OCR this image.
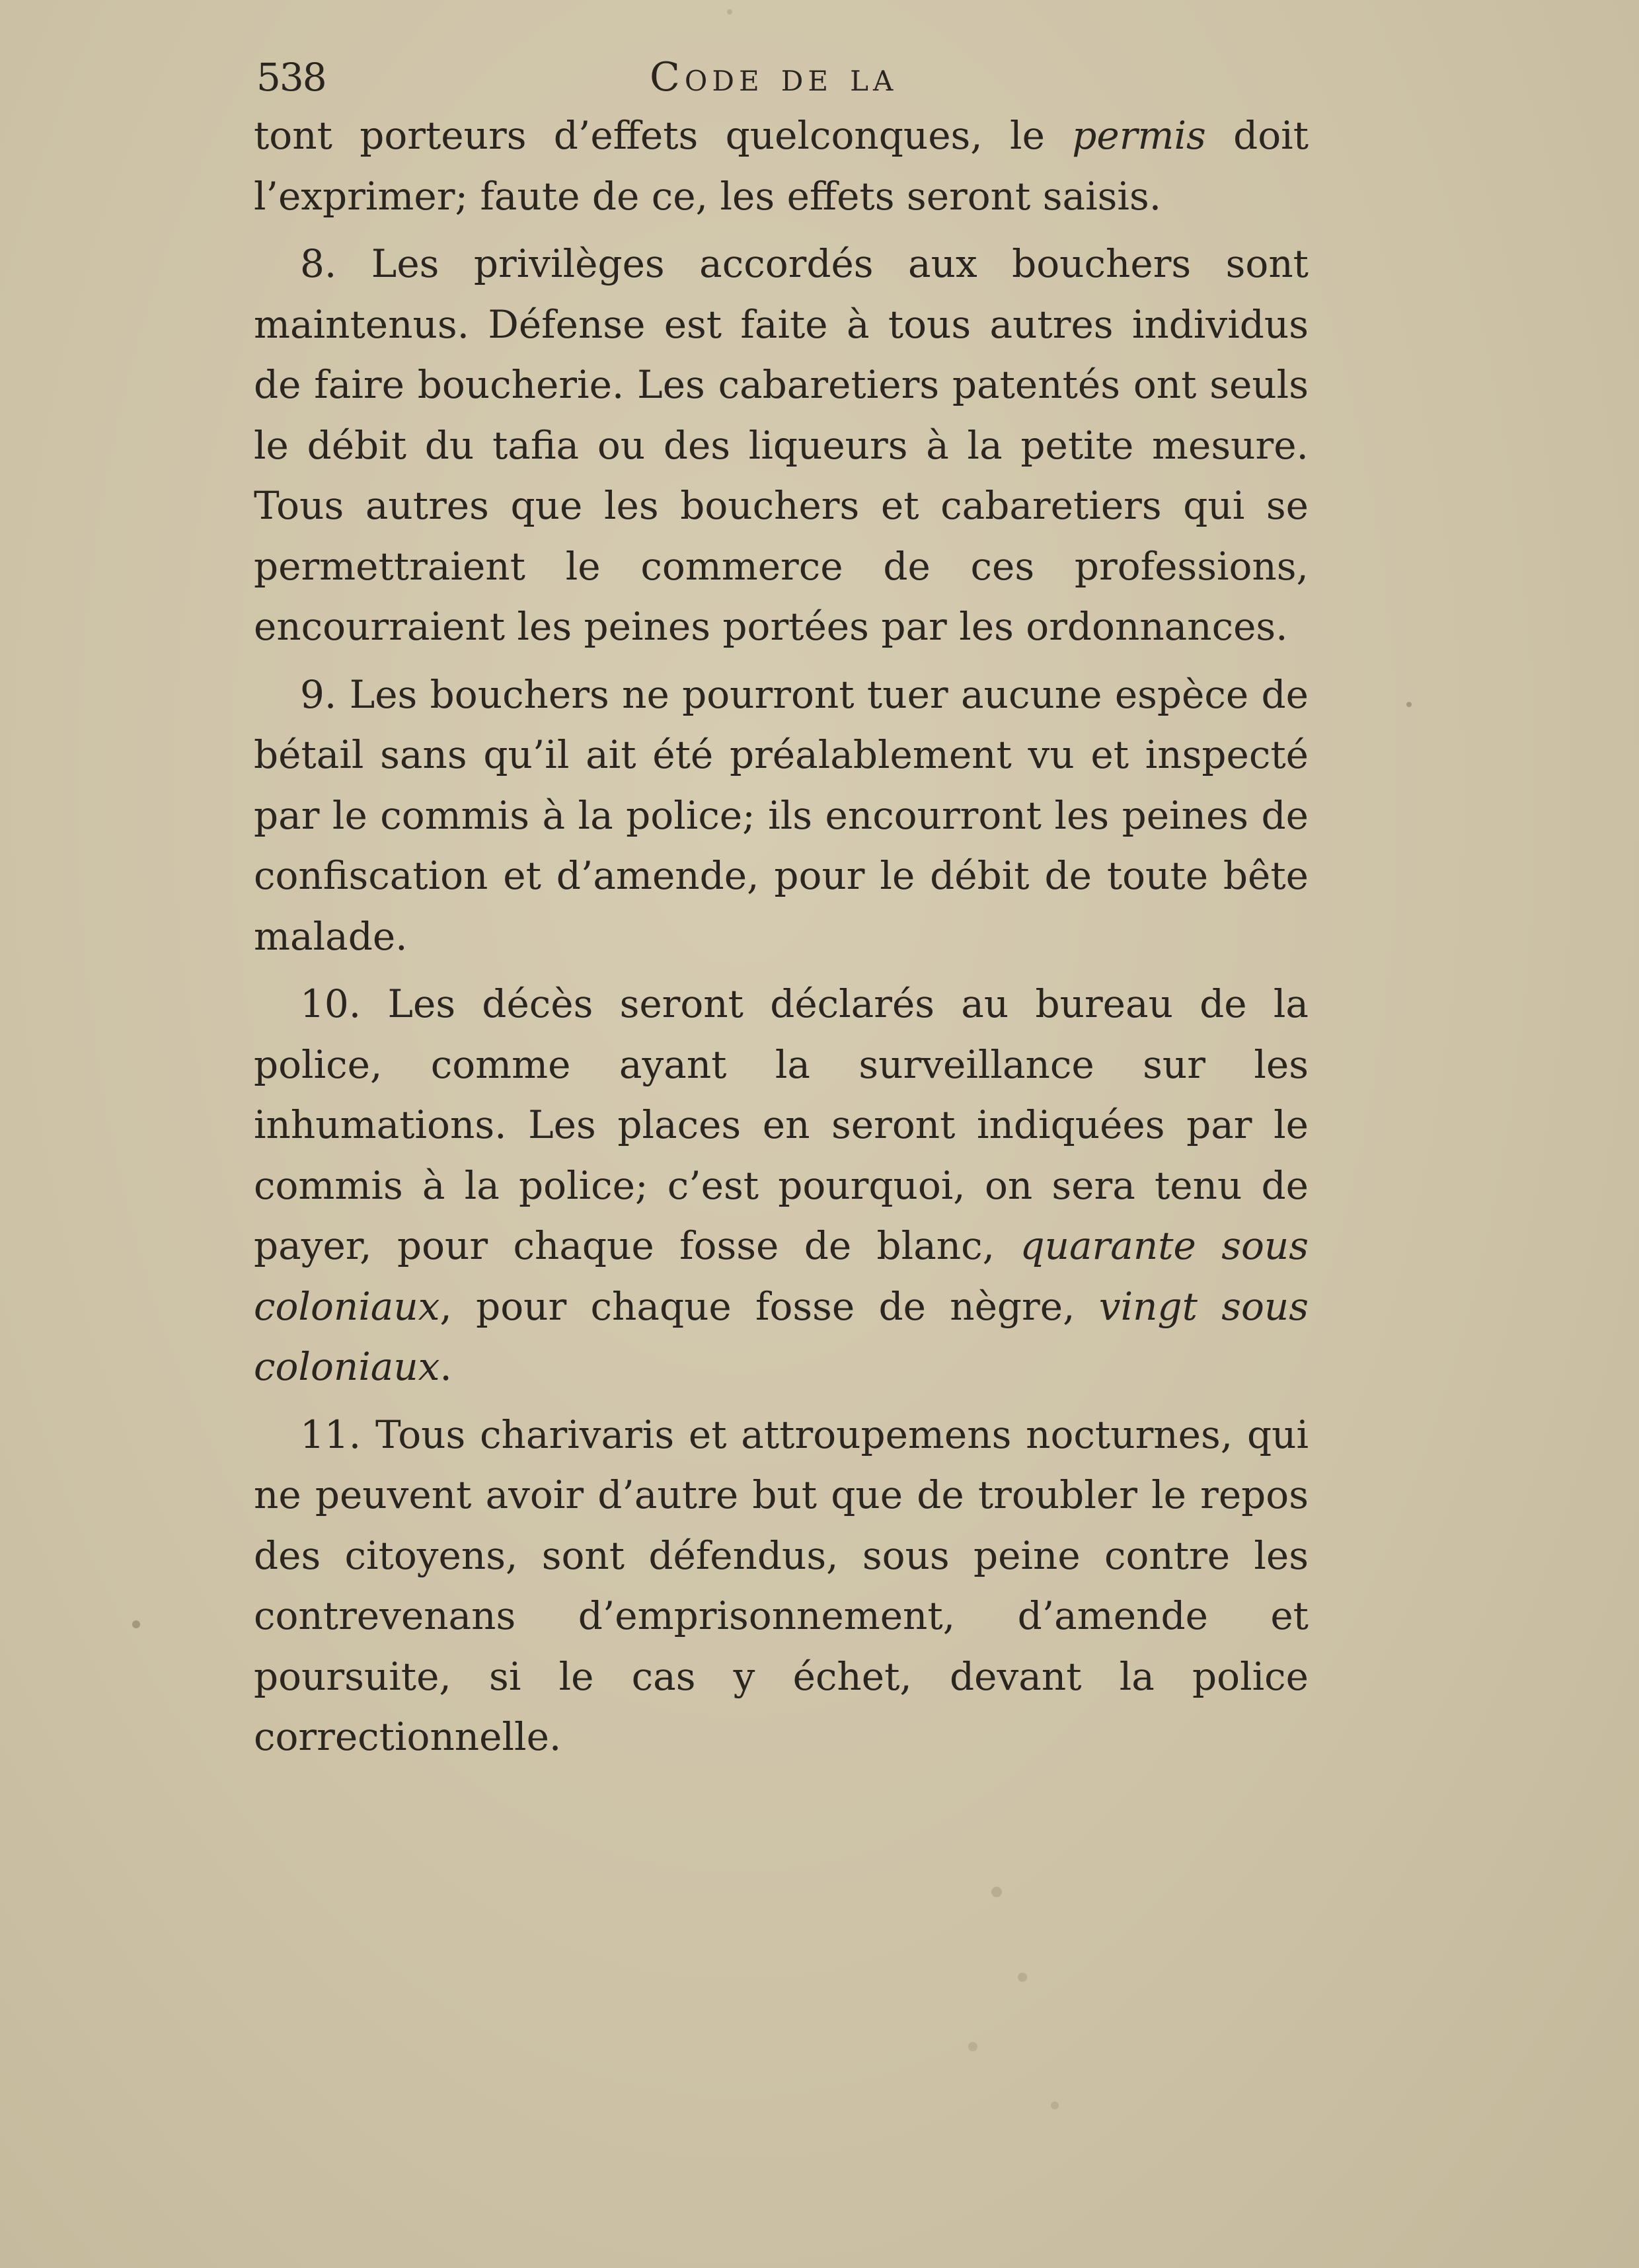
538	Code de la

tont porteurs d’effets quelconques, le permis doit l’exprimer; faute de ce, les effets seront saisis.

8. Les privilèges accordés aux bouchers sont maintenus. Défense est faite à tous autres individus de faire boucherie. Les cabaretiers patentés ont seuls le débit du tafia ou des liqueurs à la petite mesure. Tous autres que les bouchers et cabaretiers qui se permettraient le commerce de ces professions, encourraient les peines portées par les ordonnances.

9. Les bouchers ne pourront tuer aucune espèce de bétail sans qu’il ait été préalablement vu et inspecté par le commis à la police; ils encourront les peines de confiscation et d’amende, pour le débit de toute bête malade.

10. Les décès seront déclarés au bureau de la police, comme ayant la surveillance sur les inhumations. Les places en seront indiquées par le commis à la police; c’est pourquoi, on sera tenu de payer, pour chaque fosse de blanc, quarante sous coloniaux, pour chaque fosse de nègre, vingt sous coloniaux.

11. Tous charivaris et attroupemens nocturnes, qui ne peuvent avoir d’autre but que de troubler le repos des citoyens, sont défendus, sous peine contre les contrevenans d’emprisonnement, d’amende et poursuite, si le cas y échet, devant la police correctionnelle.
